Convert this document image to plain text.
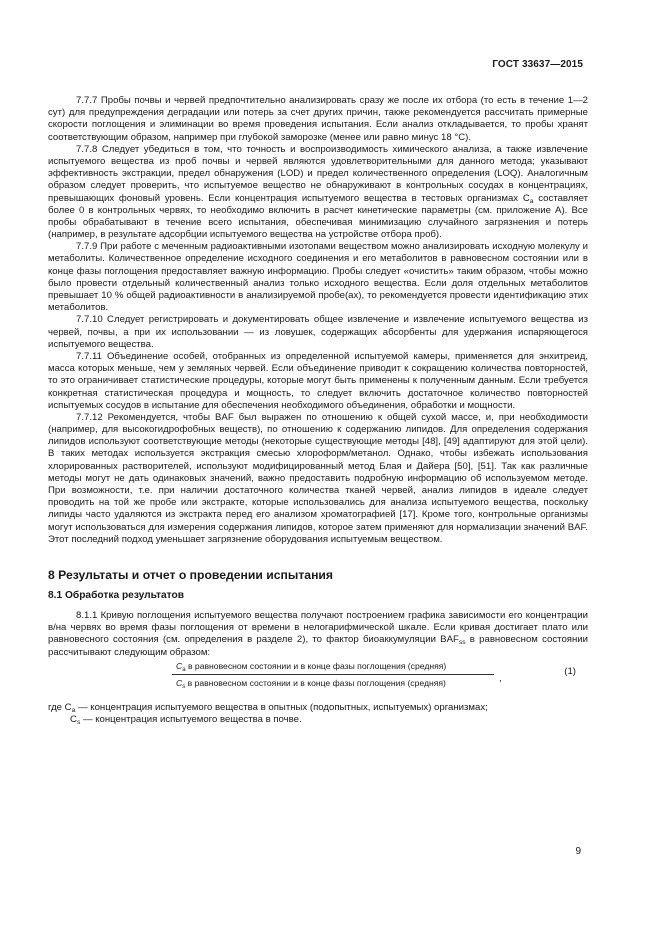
ГОСТ 33637—2015

7.7.7 Пробы почвы и червей предпочтительно анализировать сразу же после их отбора (то есть в течение 1—2 сут) для предупреждения деградации или потерь за счет других причин, также рекомендуется рассчитать примерные скорости поглощения и элиминации во время проведения испытания. Если анализ откладывается, то пробы хранят соответствующим образом, например при глубокой заморозке (менее или равно минус 18 °С).

7.7.8 Следует убедиться в том, что точность и воспроизводимость химического анализа, а также извлечение испытуемого вещества из проб почвы и червей являются удовлетворительными для данного метода; указывают эффективность экстракции, предел обнаружения (LOD) и предел количественного определения (LOQ). Аналогичным образом следует проверить, что испытуемое вещество не обнаруживают в контрольных сосудах в концентрациях, превышающих фоновый уровень. Если концентрация испытуемого вещества в тестовых организмах $С_a$ составляет более 0 в контрольных червях, то необходимо включить в расчет кинетические параметры (см. приложение А). Все пробы обрабатывают в течение всего испытания, обеспечивая минимизацию случайного загрязнения и потерь (например, в результате адсорбции испытуемого вещества на устройстве отбора проб).

7.7.9 При работе с меченным радиоактивными изотопами веществом можно анализировать исходную молекулу и метаболиты. Количественное определение исходного соединения и его метаболитов в равновесном состоянии или в конце фазы поглощения предоставляет важную информацию. Пробы следует «очистить» таким образом, чтобы можно было провести отдельный количественный анализ только исходного вещества. Если доля отдельных метаболитов превышает 10 % общей радиоактивности в анализируемой пробе(ах), то рекомендуется провести идентификацию этих метаболитов.

7.7.10 Следует регистрировать и документировать общее извлечение и извлечение испытуемого вещества из червей, почвы, а при их использовании — из ловушек, содержащих абсорбенты для удержания испаряющегося испытуемого вещества.

7.7.11 Объединение особей, отобранных из определенной испытуемой камеры, применяется для энхитреид, масса которых меньше, чем у земляных червей. Если объединение приводит к сокращению количества повторностей, то это ограничивает статистические процедуры, которые могут быть применены к полученным данным. Если требуется конкретная статистическая процедура и мощность, то следует включить достаточное количество повторностей испытуемых сосудов в испытание для обеспечения необходимого объединения, обработки и мощности.

7.7.12 Рекомендуется, чтобы BAF был выражен по отношению к общей сухой массе, и, при необходимости (например, для высокогидрофобных веществ), по отношению к содержанию липидов. Для определения содержания липидов используют соответствующие методы (некоторые существующие методы [48], [49] адаптируют для этой цели). В таких методах используется экстракция смесью хлороформ/метанол. Однако, чтобы избежать использования хлорированных растворителей, используют модифицированный метод Блая и Дайера [50], [51]. Так как различные методы могут не дать одинаковых значений, важно предоставить подробную информацию об используемом методе. При возможности, т.е. при наличии достаточного количества тканей червей, анализ липидов в идеале следует проводить на той же пробе или экстракте, которые использовались для анализа испытуемого вещества, поскольку липиды часто удаляются из экстракта перед его анализом хроматографией [17]. Кроме того, контрольные организмы могут использоваться для измерения содержания липидов, которое затем применяют для нормализации значений BAF. Этот последний подход уменьшает загрязнение оборудования испытуемым веществом.

8 Результаты и отчет о проведении испытания
8.1 Обработка результатов

8.1.1 Кривую поглощения испытуемого вещества получают построением графика зависимости его концентрации в/на червях во время фазы поглощения от времени в нелогарифмической шкале. Если кривая достигает плато или равновесного состояния (см. определения в разделе 2), то фактор биоаккумуляции $BAF_{ss}$ в равновесном состоянии рассчитывают следующим образом:

$C_a$ в равновесном состоянии и в конце фазы поглощения (средняя)
$C_s$ в равновесном состоянии и в конце фазы поглощения (средняя)	,
(1)

где $С_a$ — концентрация испытуемого вещества в опытных (подопытных, испытуемых) организмах;

$С_s$ — концентрация испытуемого вещества в почве.

9
